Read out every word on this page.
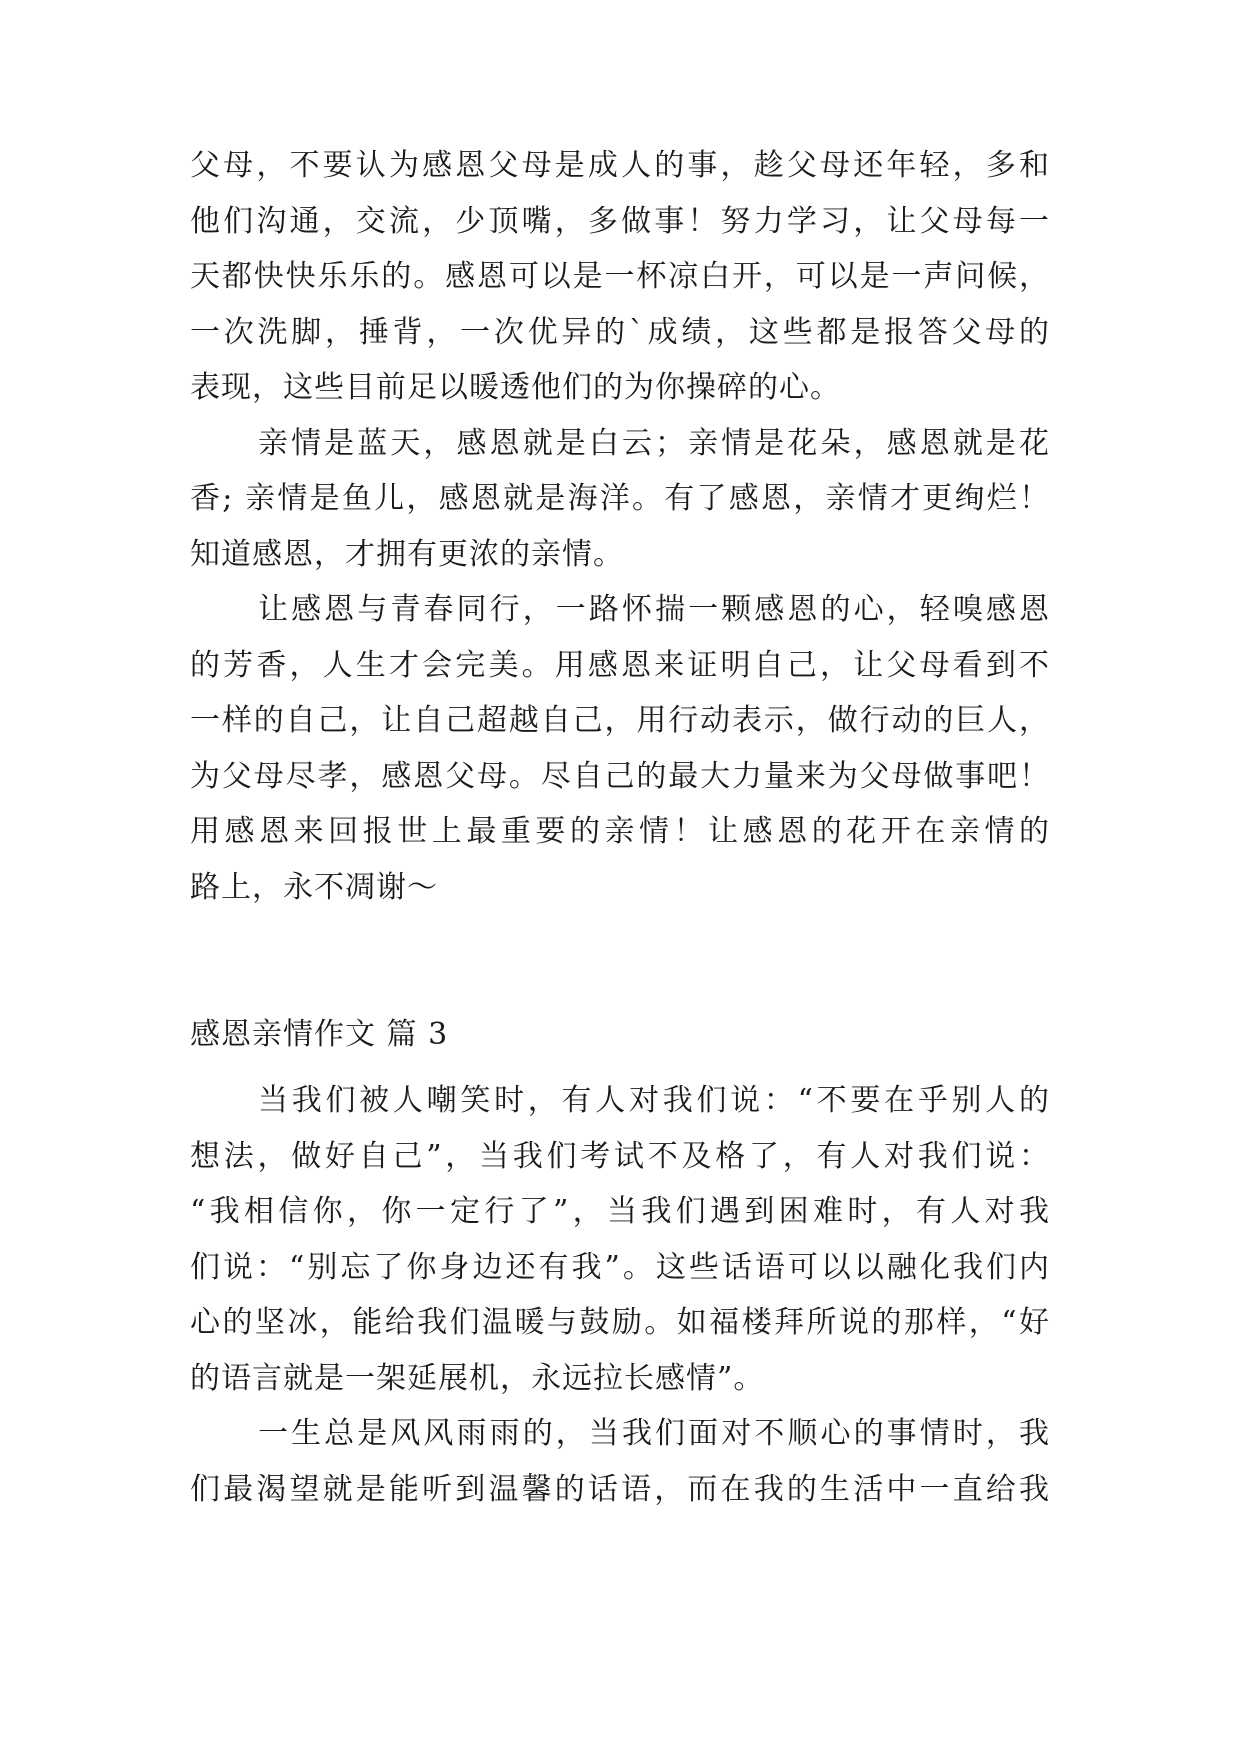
父母，不要认为感恩父母是成人的事，趁父母还年轻，多和
他们沟通，交流，少顶嘴，多做事！努力学习，让父母每一
天都快快乐乐的。感恩可以是一杯凉白开，可以是一声问候，
一次洗脚，捶背，一次优异的`成绩，这些都是报答父母的
表现，这些目前足以暖透他们的为你操碎的心。
亲情是蓝天，感恩就是白云；亲情是花朵，感恩就是花
香; 亲情是鱼儿，感恩就是海洋。有了感恩，亲情才更绚烂！
知道感恩，才拥有更浓的亲情。
让感恩与青春同行，一路怀揣一颗感恩的心，轻嗅感恩
的芳香，人生才会完美。用感恩来证明自己，让父母看到不
一样的自己，让自己超越自己，用行动表示，做行动的巨人，
为父母尽孝，感恩父母。尽自己的最大力量来为父母做事吧！
用感恩来回报世上最重要的亲情！让感恩的花开在亲情的
路上，永不凋谢～
感恩亲情作文 篇 3
当我们被人嘲笑时，有人对我们说：“不要在乎别人的
想法，做好自己”，当我们考试不及格了，有人对我们说：
“我相信你，你一定行了”，当我们遇到困难时，有人对我
们说：“别忘了你身边还有我”。这些话语可以以融化我们内
心的坚冰，能给我们温暖与鼓励。如福楼拜所说的那样，“好
的语言就是一架延展机，永远拉长感情”。
一生总是风风雨雨的，当我们面对不顺心的事情时，我
们最渴望就是能听到温馨的话语，而在我的生活中一直给我
